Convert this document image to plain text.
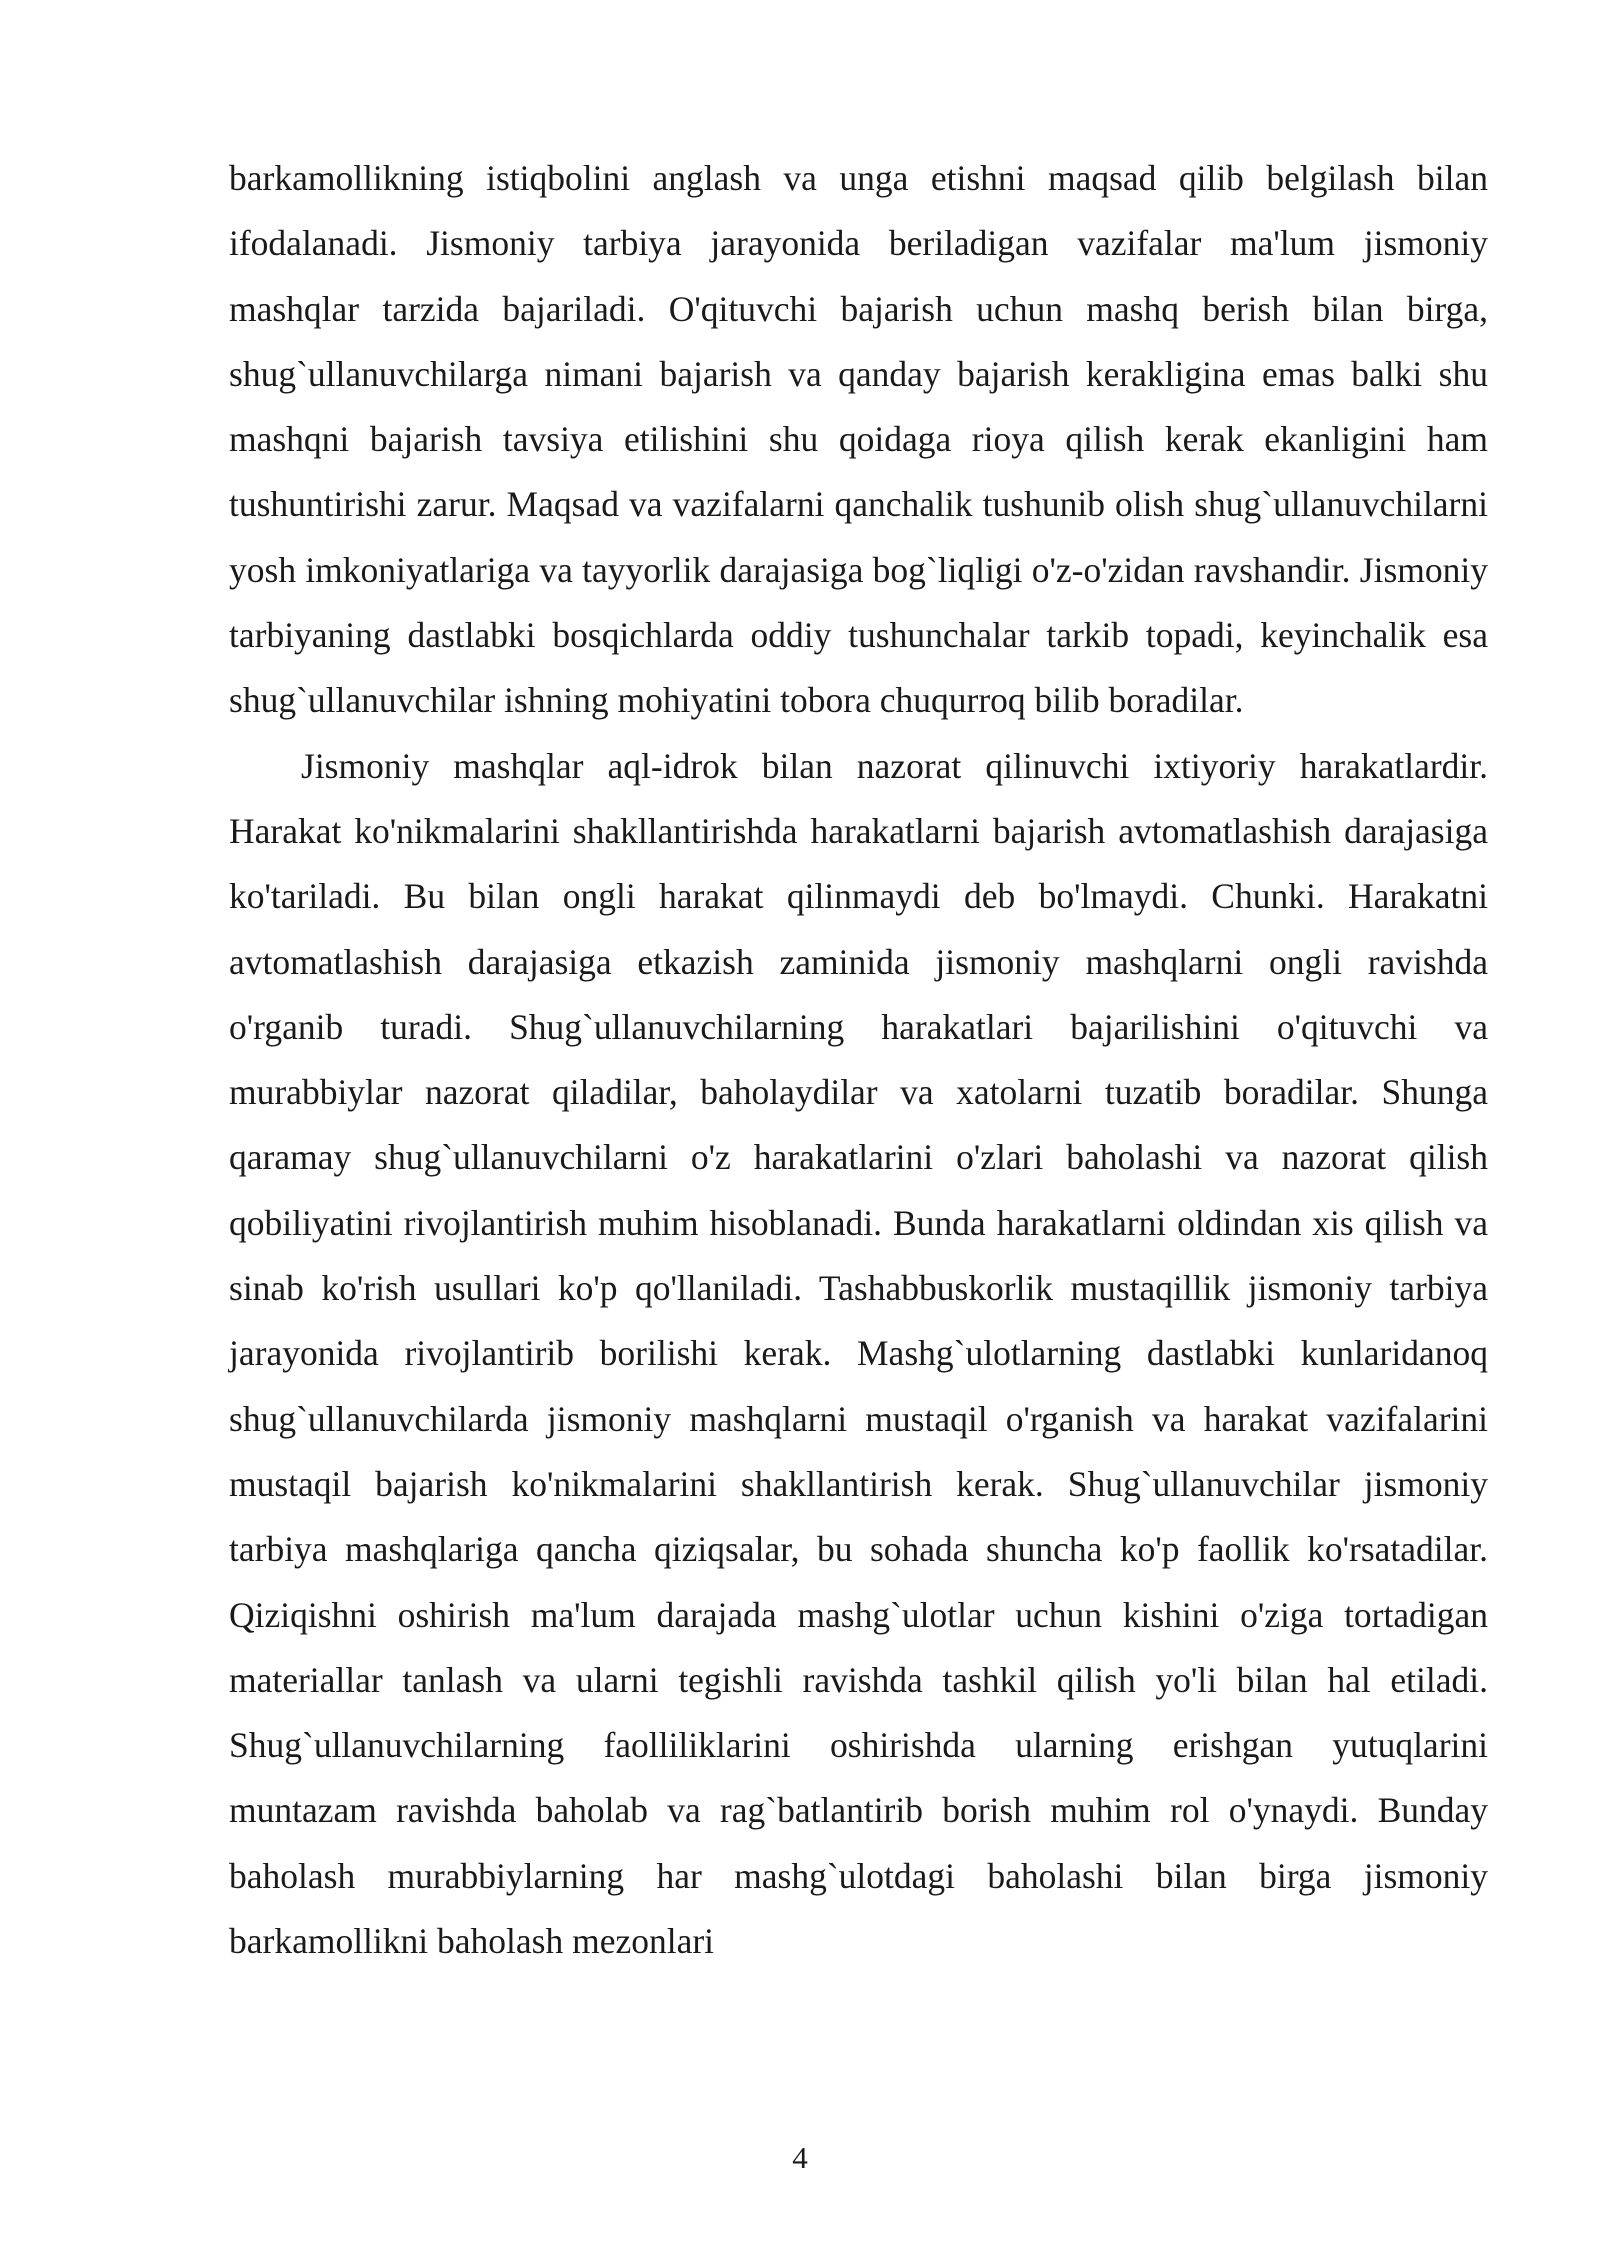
barkamollikning istiqbolini anglash va unga etishni maqsad qilib belgilash bilan ifodalanadi. Jismoniy tarbiya jarayonida beriladigan vazifalar ma'lum jismoniy mashqlar tarzida bajariladi. O'qituvchi bajarish uchun mashq berish bilan birga, shug`ullanuvchilarga nimani bajarish va qanday bajarish kerakligina emas balki shu mashqni bajarish tavsiya etilishini shu qoidaga rioya qilish kerak ekanligini ham tushuntirishi zarur. Maqsad va vazifalarni qanchalik tushunib olish shug`ullanuvchilarni yosh imkoniyatlariga va tayyorlik darajasiga bog`liqligi o'z-o'zidan ravshandir. Jismoniy tarbiyaning dastlabki bosqichlarda oddiy tushunchalar tarkib topadi, keyinchalik esa shug`ullanuvchilar ishning mohiyatini tobora chuqurroq bilib boradilar.

Jismoniy mashqlar aql-idrok bilan nazorat qilinuvchi ixtiyoriy harakatlardir. Harakat ko'nikmalarini shakllantirishda harakatlarni bajarish avtomatlashish darajasiga ko'tariladi. Bu bilan ongli harakat qilinmaydi deb bo'lmaydi. Chunki. Harakatni avtomatlashish darajasiga etkazish zaminida jismoniy mashqlarni ongli ravishda o'rganib turadi. Shug`ullanuvchilarning harakatlari bajarilishini o'qituvchi va murabbiylar nazorat qiladilar, baholaydilar va xatolarni tuzatib boradilar. Shunga qaramay shug`ullanuvchilarni o'z harakatlarini o'zlari baholashi va nazorat qilish qobiliyatini rivojlantirish muhim hisoblanadi. Bunda harakatlarni oldindan xis qilish va sinab ko'rish usullari ko'p qo'llaniladi. Tashabbuskorlik mustaqillik jismoniy tarbiya jarayonida rivojlantirib borilishi kerak. Mashg`ulotlarning dastlabki kunlaridanoq shug`ullanuvchilarda jismoniy mashqlarni mustaqil o'rganish va harakat vazifalarini mustaqil bajarish ko'nikmalarini shakllantirish kerak. Shug`ullanuvchilar jismoniy tarbiya mashqlariga qancha qiziqsalar, bu sohada shuncha ko'p faollik ko'rsatadilar. Qiziqishni oshirish ma'lum darajada mashg`ulotlar uchun kishini o'ziga tortadigan materiallar tanlash va ularni tegishli ravishda tashkil qilish yo'li bilan hal etiladi. Shug`ullanuvchilarning faolliliklarini oshirishda ularning erishgan yutuqlarini muntazam ravishda baholab va rag`batlantirib borish muhim rol o'ynaydi. Bunday baholash murabbiylarning har mashg`ulotdagi baholashi bilan birga jismoniy barkamollikni baholash mezonlari

4
